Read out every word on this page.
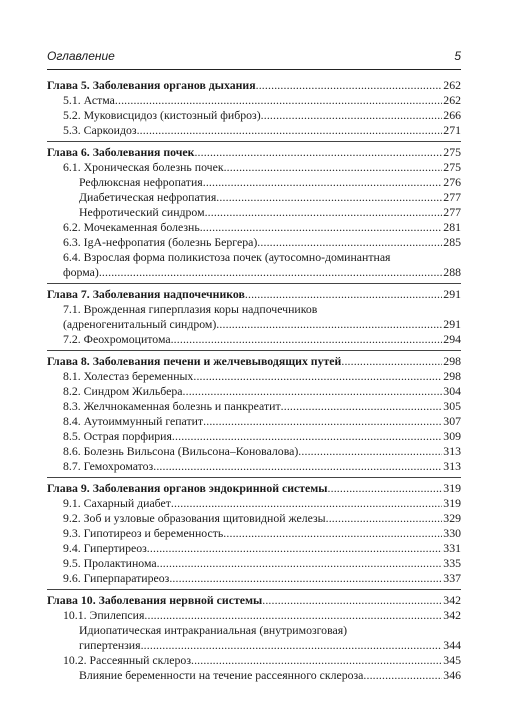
Оглавление	5
Глава 5. Заболевания органов дыхания . . .	262
5.1. Астма . . .	262
5.2. Муковисцидоз (кистозный фиброз) . . .	266
5.3. Саркоидоз . . .	271
Глава 6. Заболевания почек . . .	275
6.1. Хроническая болезнь почек . . .	275
Рефлюксная нефропатия . . .	276
Диабетическая нефропатия . . .	277
Нефротический синдром . . .	277
6.2. Мочекаменная болезнь . . .	281
6.3. IgA-нефропатия (болезнь Бергера) . . .	285
6.4. Взрослая форма поликистоза почек (аутосомно-доминантная
форма) . . .	288
Глава 7. Заболевания надпочечников . . .	291
7.1. Врожденная гиперплазия коры надпочечников
(адреногенитальный синдром) . . .	291
7.2. Феохромоцитома . . .	294
Глава 8. Заболевания печени и желчевыводящих путей . . .	298
8.1. Холестаз беременных . . .	298
8.2. Синдром Жильбера . . .	304
8.3. Желчнокаменная болезнь и панкреатит . . .	305
8.4. Аутоиммунный гепатит . . .	307
8.5. Острая порфирия . . .	309
8.6. Болезнь Вильсона (Вильсона–Коновалова) . . .	313
8.7. Гемохроматоз . . .	313
Глава 9. Заболевания органов эндокринной системы . . .	319
9.1. Сахарный диабет . . .	319
9.2. Зоб и узловые образования щитовидной железы . . .	329
9.3. Гипотиреоз и беременность . . .	330
9.4. Гипертиреоз . . .	331
9.5. Пролактинома . . .	335
9.6. Гиперпаратиреоз . . .	337
Глава 10. Заболевания нервной системы . . .	342
10.1. Эпилепсия . . .	342
Идиопатическая интракраниальная (внутримозговая)
гипертензия . . .	344
10.2. Рассеянный склероз . . .	345
Влияние беременности на течение рассеянного склероза . . .	346
